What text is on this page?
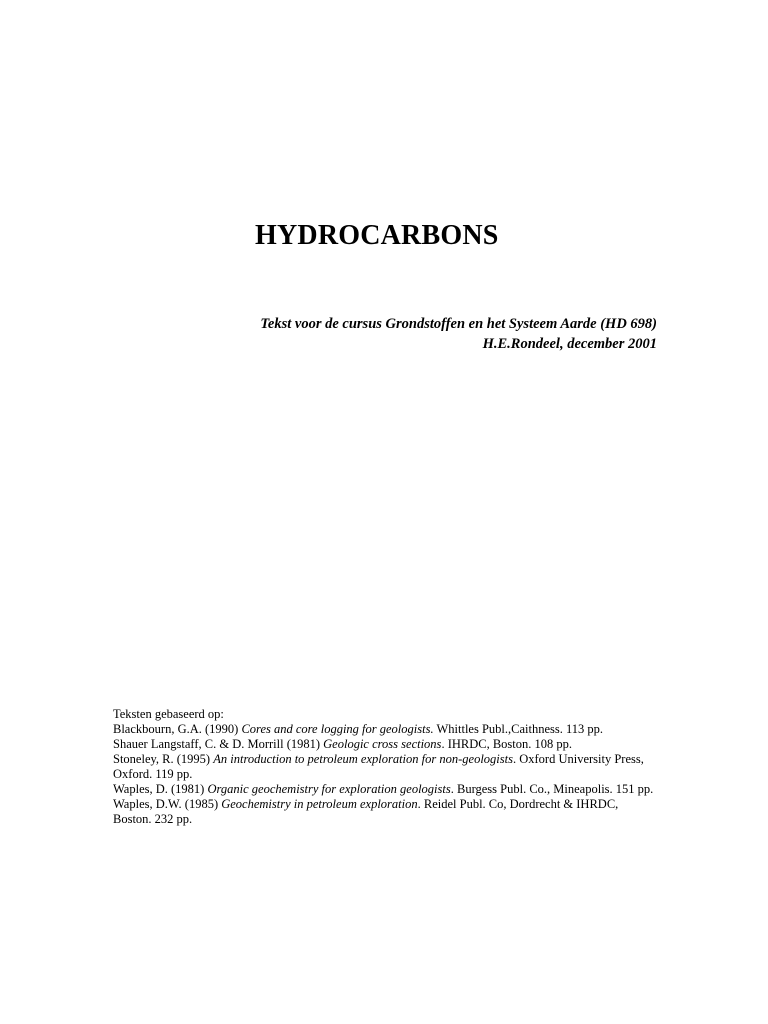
HYDROCARBONS
Tekst voor de cursus Grondstoffen en het Systeem Aarde (HD 698)
H.E.Rondeel, december 2001

Teksten gebaseerd op:

Blackbourn, G.A. (1990) Cores and core logging for geologists. Whittles Publ.,Caithness. 113 pp.

Shauer Langstaff, C. & D. Morrill (1981) Geologic cross sections. IHRDC, Boston. 108 pp.

Stoneley, R. (1995) An introduction to petroleum exploration for non-geologists. Oxford University Press, Oxford. 119 pp.

Waples, D. (1981) Organic geochemistry for exploration geologists. Burgess Publ. Co., Mineapolis. 151 pp.

Waples, D.W. (1985) Geochemistry in petroleum exploration. Reidel Publ. Co, Dordrecht & IHRDC, Boston. 232 pp.
